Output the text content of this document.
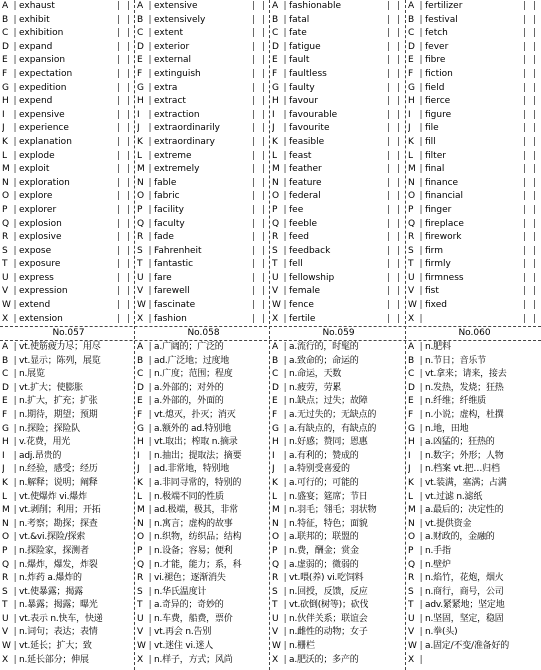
A | exhaust	| |
B | exhibit	| |
C | exhibition	| |
D | expand	| |
E | expansion	| |
F | expectation	| |
G | expedition	| |
H | expend	| |
I | expensive	| |
J | experience	| |
K | explanation	| |
L | explode	| |
M | exploit	| |
N | exploration	| |
O | explore	| |
P | explorer	| |
Q | explosion	| |
R | explosive	| |
S | expose	| |
T | exposure	| |
U | express	| |
V | expression	| |
W | extend	| |
X | extension	| |
No.057
A | vt.使筋疲力尽；用尽
B | vt.显示；陈列，展览
C | n.展览
D | vt.扩大；使膨胀
E | n.扩大，扩充；扩张
F | n.期待，期望；预期
G | n.探险；探险队
H | v.花费，用光
I | adj.昂贵的
J | n.经验，感受；经历
K | n.解释；说明；阐释
L | vt.使爆炸 vi.爆炸
M | vt.剥削；利用；开拓
N | n.考察；勘探；探查
O | vt.&vi.探险/探索
P | n.探险家，探测者
Q | n.爆炸，爆发，炸裂
R | n.炸药 a.爆炸的
S | vt.使暴露；揭露
T | n.暴露；揭露；曝光
U | vt.表示 n.快车，快递
V | n.词句；表达；表情
W | vt.延长；扩大；致
X | n.延长部分；伸展
A | extensive	| |
B | extensively	| |
C | extent	| |
D | exterior	| |
E | external	| |
F | extinguish	| |
G | extra	| |
H | extract	| |
I | extraction	| |
J | extraordinarily	| |
K | extraordinary	| |
L | extreme	| |
M | extremely	| |
N | fable	| |
O | fabric	| |
P | facility	| |
Q | faculty	| |
R | fade	| |
S | Fahrenheit	| |
T | fantastic	| |
U | fare	| |
V | farewell	| |
W | fascinate	| |
X | fashion	| |
No.058
A | a.广阔的；广泛的
B | ad.广泛地；过度地
C | n.广度；范围；程度
D | a.外部的；对外的
E | a.外部的，外面的
F | vt.熄灭，扑灭；消灭
G | a.额外的 ad.特别地
H | vt.取出；榨取 n.摘录
I | n.抽出；提取法；摘要
J | ad.非常地，特别地
K | a.非同寻常的，特别的
L | n.极端不同的性质
M | ad.极端，极其，非常
N | n.寓言；虚构的故事
O | n.织物，纺织品；结构
P | n.设备；容易；便利
Q | n.才能，能力；系，科
R | vi.褪色；逐渐消失
S | n.华氏温度计
T | a.奇异的；奇妙的
U | n.车费，船费，票价
V | vt.再会 n.告别
W | vt.迷住 vi.迷人
X | n.样子，方式；风尚
A | fashionable	| |
B | fatal	| |
C | fate	| |
D | fatigue	| |
E | fault	| |
F | faultless	| |
G | faulty	| |
H | favour	| |
I | favourable	| |
J | favourite	| |
K | feasible	| |
L | feast	| |
M | feather	| |
N | feature	| |
O | federal	| |
P | fee	| |
Q | feeble	| |
R | feed	| |
S | feedback	| |
T | fell	| |
U | fellowship	| |
V | female	| |
W | fence	| |
X | fertile	| |
No.059
A | a.流行的，时髦的
B | a.致命的；命运的
C | n.命运，天数
D | n.疲劳，劳累
E | n.缺点；过失；故障
F | a.无过失的；无缺点的
G | a.有缺点的，有缺点的
H | n.好感；赞同；恩惠
I | a.有利的；赞成的
J | a.特别受喜爱的
K | a.可行的；可能的
L | n.盛宴；筵席；节日
M | n.羽毛；翎毛；羽状物
N | n.特征，特色；面貌
O | a.联邦的；联盟的
P | n.费，酬金；赏金
Q | a.虚弱的；微弱的
R | vt.喂(养) vi.吃饲料
S | n.回授，反馈，反应
T | vt.砍倒(树等)；砍伐
U | n.伙伴关系；联谊会
V | n.雌性的动物；女子
W | n.栅栏
X | a.肥沃的；多产的
A | fertilizer	| |
B | festival	| |
C | fetch	| |
D | fever	| |
E | fibre	| |
F | fiction	| |
G | field	| |
H | fierce	| |
I | figure	| |
J | file	| |
K | fill	| |
L | filter	| |
M | final	| |
N | finance	| |
O | financial	| |
P | finger	| |
Q | fireplace	| |
R | firework	| |
S | firm	| |
T | firmly	| |
U | firmness	| |
V | fist	| |
W | fixed	| |
X |	| |
No.060
A | n.肥料
B | n.节日；音乐节
C | vt.拿来；请来，接去
D | n.发热，发烧；狂热
E | n.纤维；纤维质
F | n.小说；虚构，杜撰
G | n.地，田地
H | a.凶猛的；狂热的
I | n.数字；外形；人物
J | n.档案 vt.把…归档
K | vt.装满，塞满；占满
L | vt.过滤 n.滤纸
M | a.最后的；决定性的
N | vt.提供资金
O | a.财政的，金融的
P | n.手指
Q | n.壁炉
R | n.焰竹，花炮，烟火
S | n.商行，商号，公司
T | adv.紧紧地；坚定地
U | n.坚固，坚定，稳固
V | n.拳(头)
W | a.固定/不变/准备好的
X |
